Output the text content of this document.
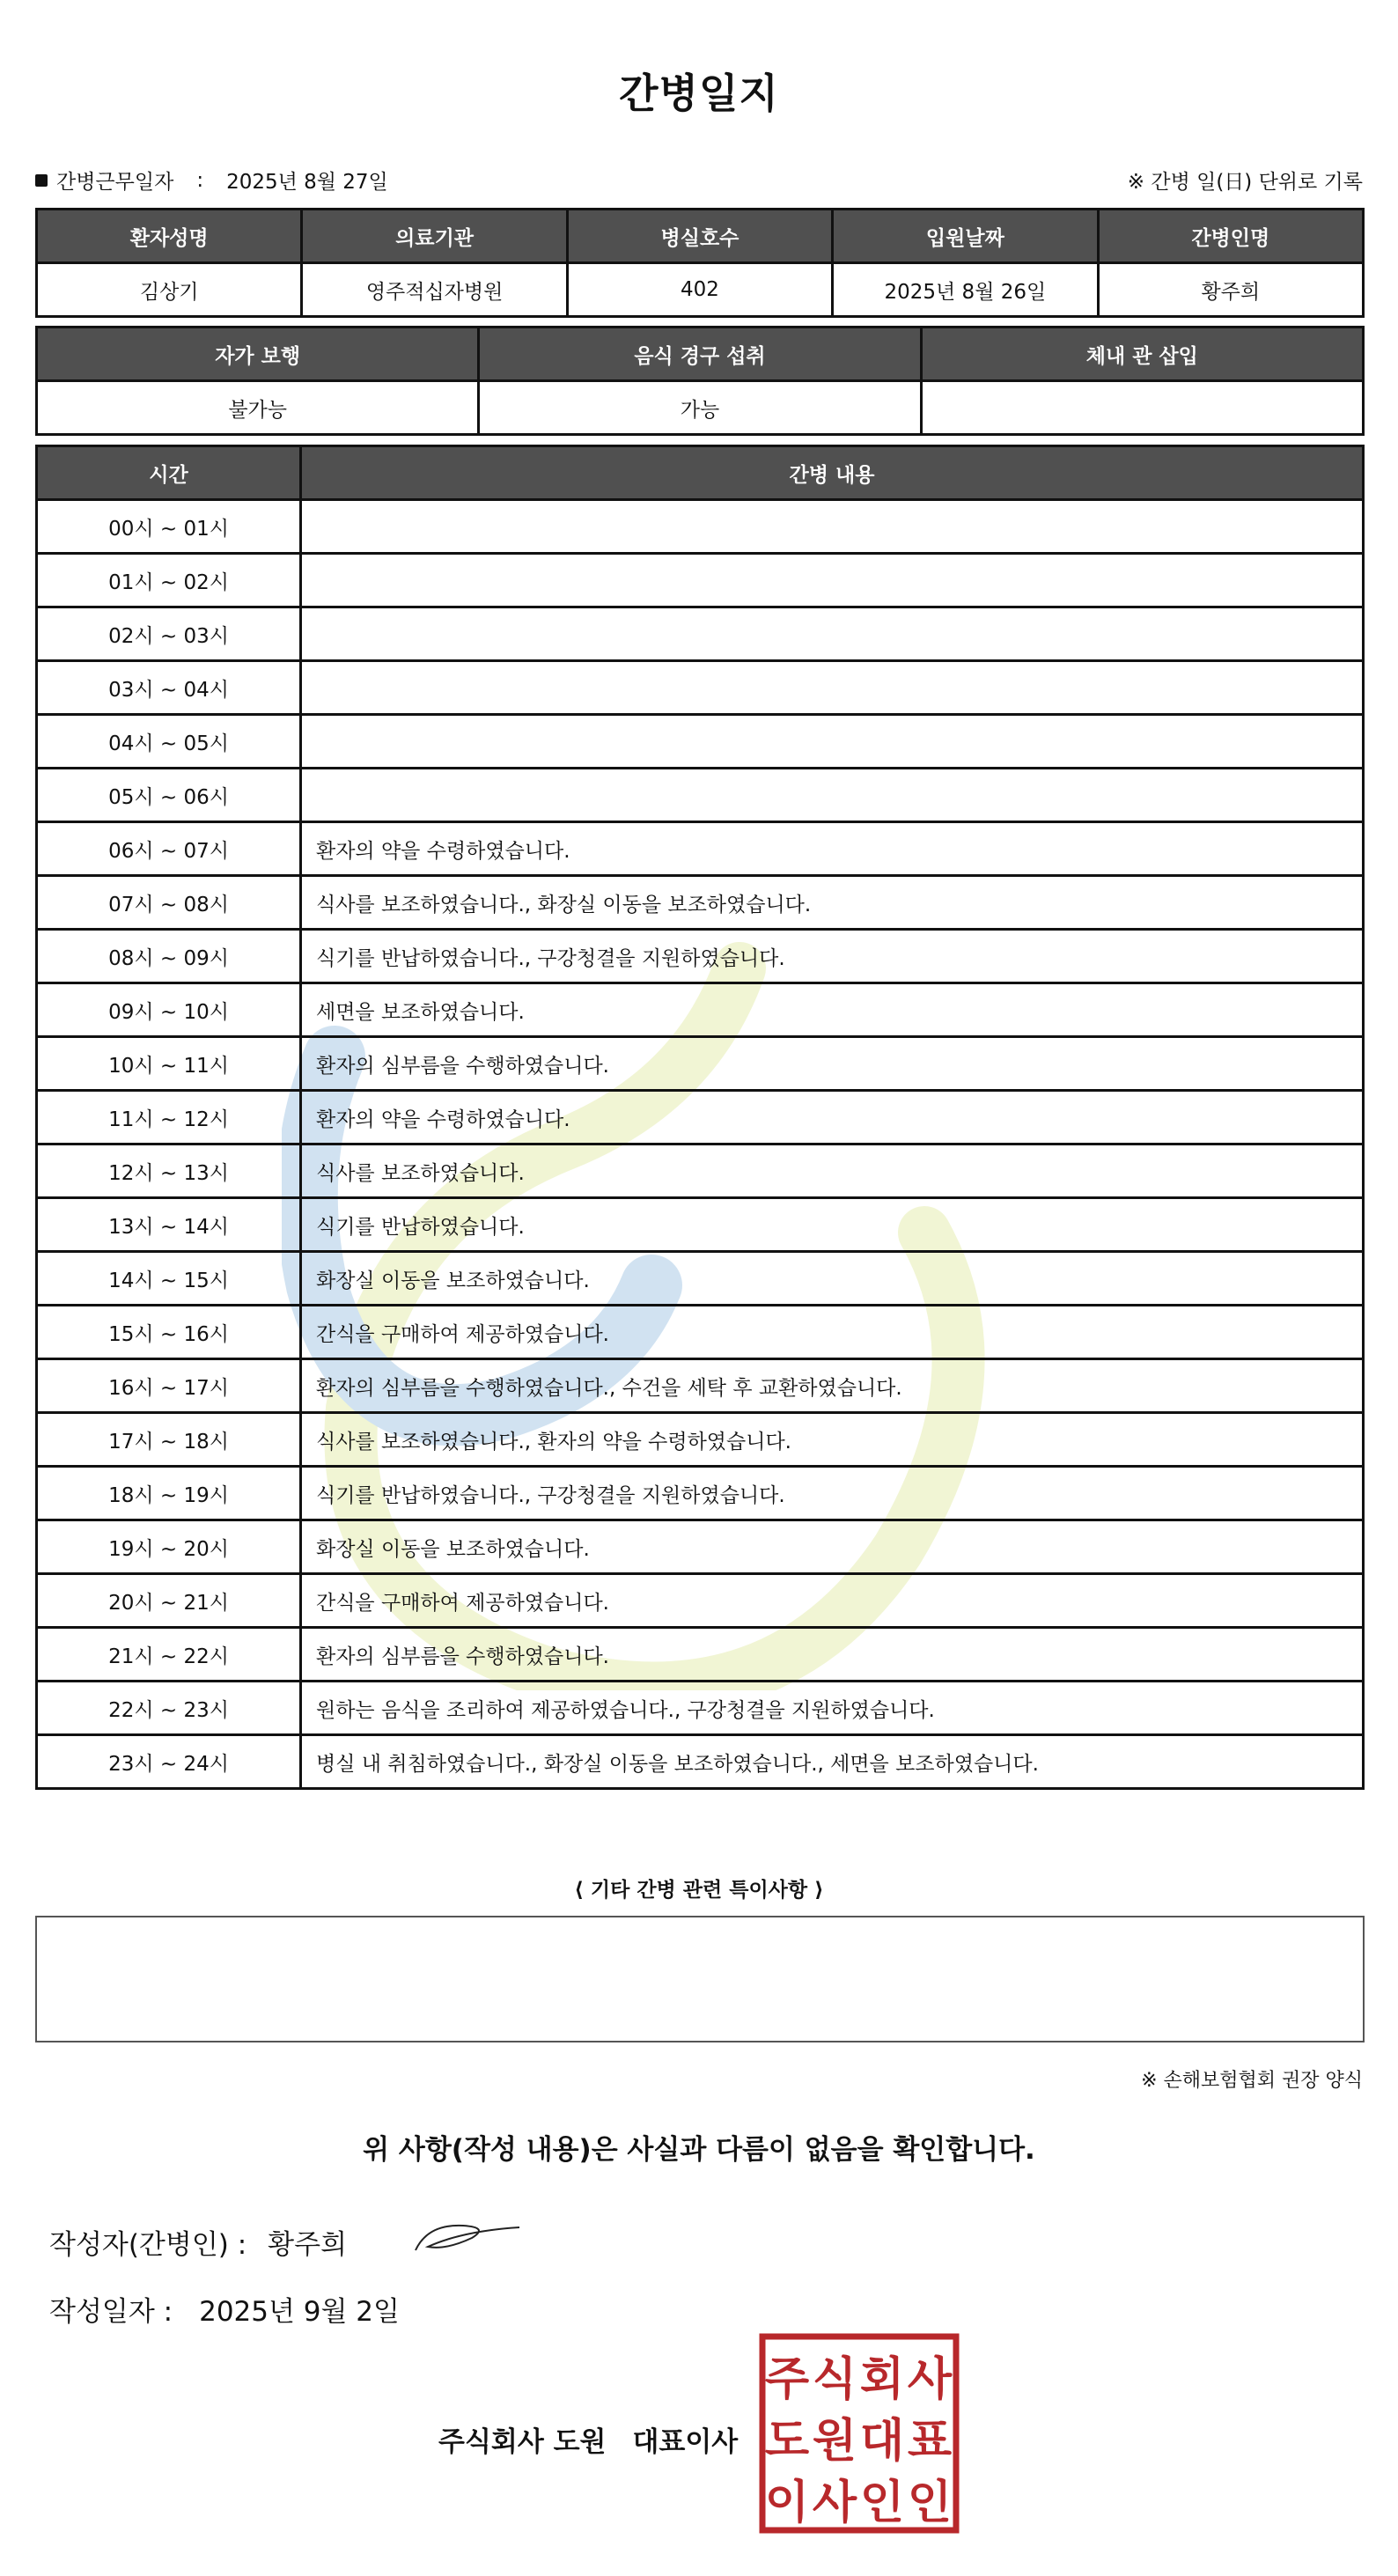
간병일지
간병근무일자 : 2025년 8월 27일	※ 간병 일(日) 단위로 기록
환자성명	의료기관	병실호수	입원날짜	간병인명
김상기	영주적십자병원	402	2025년 8월 26일	황주희
자가 보행	음식 경구 섭취	체내 관 삽입
불가능	가능	
시간	간병 내용
00시 ~ 01시	
01시 ~ 02시	
02시 ~ 03시	
03시 ~ 04시	
04시 ~ 05시	
05시 ~ 06시	
06시 ~ 07시	환자의 약을 수령하였습니다.
07시 ~ 08시	식사를 보조하였습니다., 화장실 이동을 보조하였습니다.
08시 ~ 09시	식기를 반납하였습니다., 구강청결을 지원하였습니다.
09시 ~ 10시	세면을 보조하였습니다.
10시 ~ 11시	환자의 심부름을 수행하였습니다.
11시 ~ 12시	환자의 약을 수령하였습니다.
12시 ~ 13시	식사를 보조하였습니다.
13시 ~ 14시	식기를 반납하였습니다.
14시 ~ 15시	화장실 이동을 보조하였습니다.
15시 ~ 16시	간식을 구매하여 제공하였습니다.
16시 ~ 17시	환자의 심부름을 수행하였습니다., 수건을 세탁 후 교환하였습니다.
17시 ~ 18시	식사를 보조하였습니다., 환자의 약을 수령하였습니다.
18시 ~ 19시	식기를 반납하였습니다., 구강청결을 지원하였습니다.
19시 ~ 20시	화장실 이동을 보조하였습니다.
20시 ~ 21시	간식을 구매하여 제공하였습니다.
21시 ~ 22시	환자의 심부름을 수행하였습니다.
22시 ~ 23시	원하는 음식을 조리하여 제공하였습니다., 구강청결을 지원하였습니다.
23시 ~ 24시	병실 내 취침하였습니다., 화장실 이동을 보조하였습니다., 세면을 보조하였습니다.
⟨ 기타 간병 관련 특이사항 ⟩
※ 손해보험협회 권장 양식
위 사항(작성 내용)은 사실과 다름이 없음을 확인합니다.
작성자(간병인) : 황주희
작성일자 : 2025년 9월 2일
주식회사 도원 대표이사
주 식 회 사
도 원 대 표
이 사 인 인
